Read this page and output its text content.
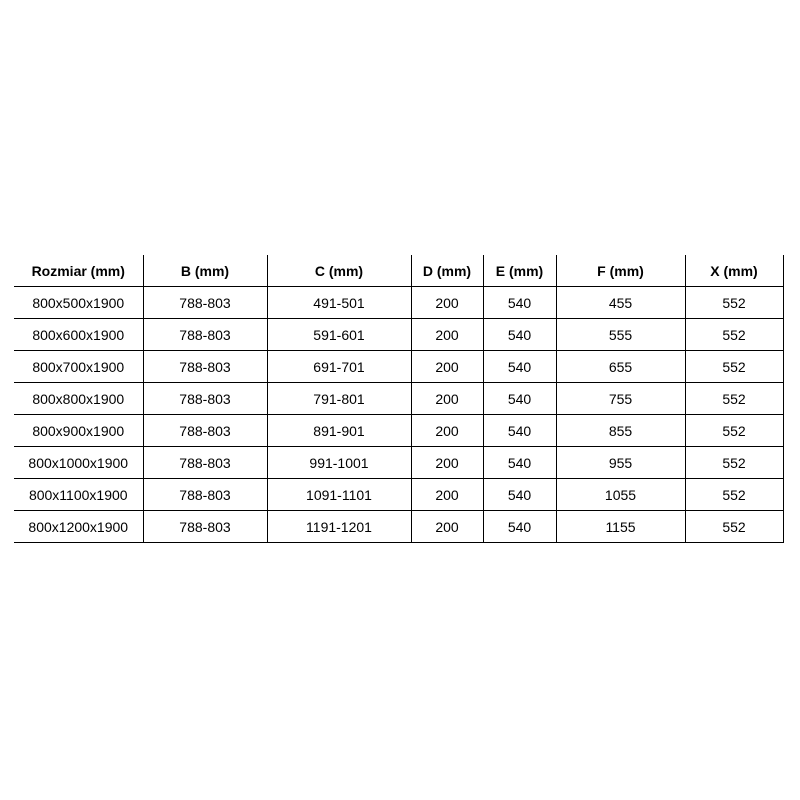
Rozmiar (mm)	B (mm)	C (mm)	D (mm)	E (mm)	F (mm)	X (mm)
800x500x1900	788-803	491-501	200	540	455	552
800x600x1900	788-803	591-601	200	540	555	552
800x700x1900	788-803	691-701	200	540	655	552
800x800x1900	788-803	791-801	200	540	755	552
800x900x1900	788-803	891-901	200	540	855	552
800x1000x1900	788-803	991-1001	200	540	955	552
800x1100x1900	788-803	1091-1101	200	540	1055	552
800x1200x1900	788-803	1191-1201	200	540	1155	552
